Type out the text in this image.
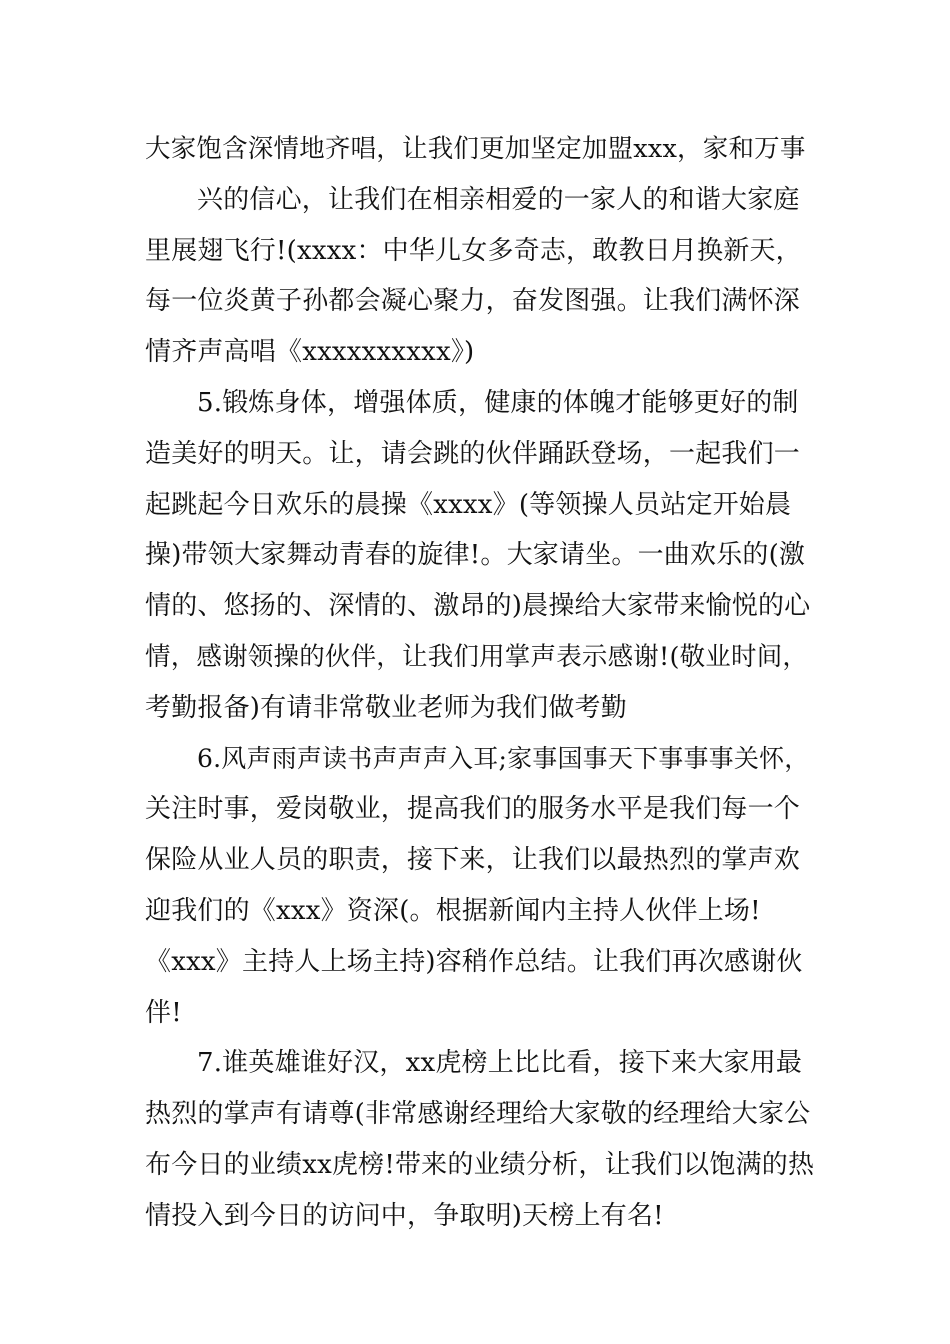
大家饱含深情地齐唱，让我们更加坚定加盟xxx，家和万事
兴的信心，让我们在相亲相爱的一家人的和谐大家庭
里展翅飞行!(xxxx：中华儿女多奇志，敢教日月换新天，
每一位炎黄子孙都会凝心聚力，奋发图强。让我们满怀深
情齐声高唱《xxxxxxxxxx》)
5.锻炼身体，增强体质，健康的体魄才能够更好的制
造美好的明天。让，请会跳的伙伴踊跃登场，一起我们一
起跳起今日欢乐的晨操《xxxx》(等领操人员站定开始晨
操)带领大家舞动青春的旋律!。大家请坐。一曲欢乐的(激
情的、悠扬的、深情的、激昂的)晨操给大家带来愉悦的心
情，感谢领操的伙伴，让我们用掌声表示感谢!(敬业时间，
考勤报备)有请非常敬业老师为我们做考勤
6.风声雨声读书声声声入耳;家事国事天下事事事关怀，
关注时事，爱岗敬业，提高我们的服务水平是我们每一个
保险从业人员的职责，接下来，让我们以最热烈的掌声欢
迎我们的《xxx》资深(。根据新闻内主持人伙伴上场!
《xxx》主持人上场主持)容稍作总结。让我们再次感谢伙
伴!
7.谁英雄谁好汉，xx虎榜上比比看，接下来大家用最
热烈的掌声有请尊(非常感谢经理给大家敬的经理给大家公
布今日的业绩xx虎榜!带来的业绩分析，让我们以饱满的热
情投入到今日的访问中，争取明)天榜上有名!
